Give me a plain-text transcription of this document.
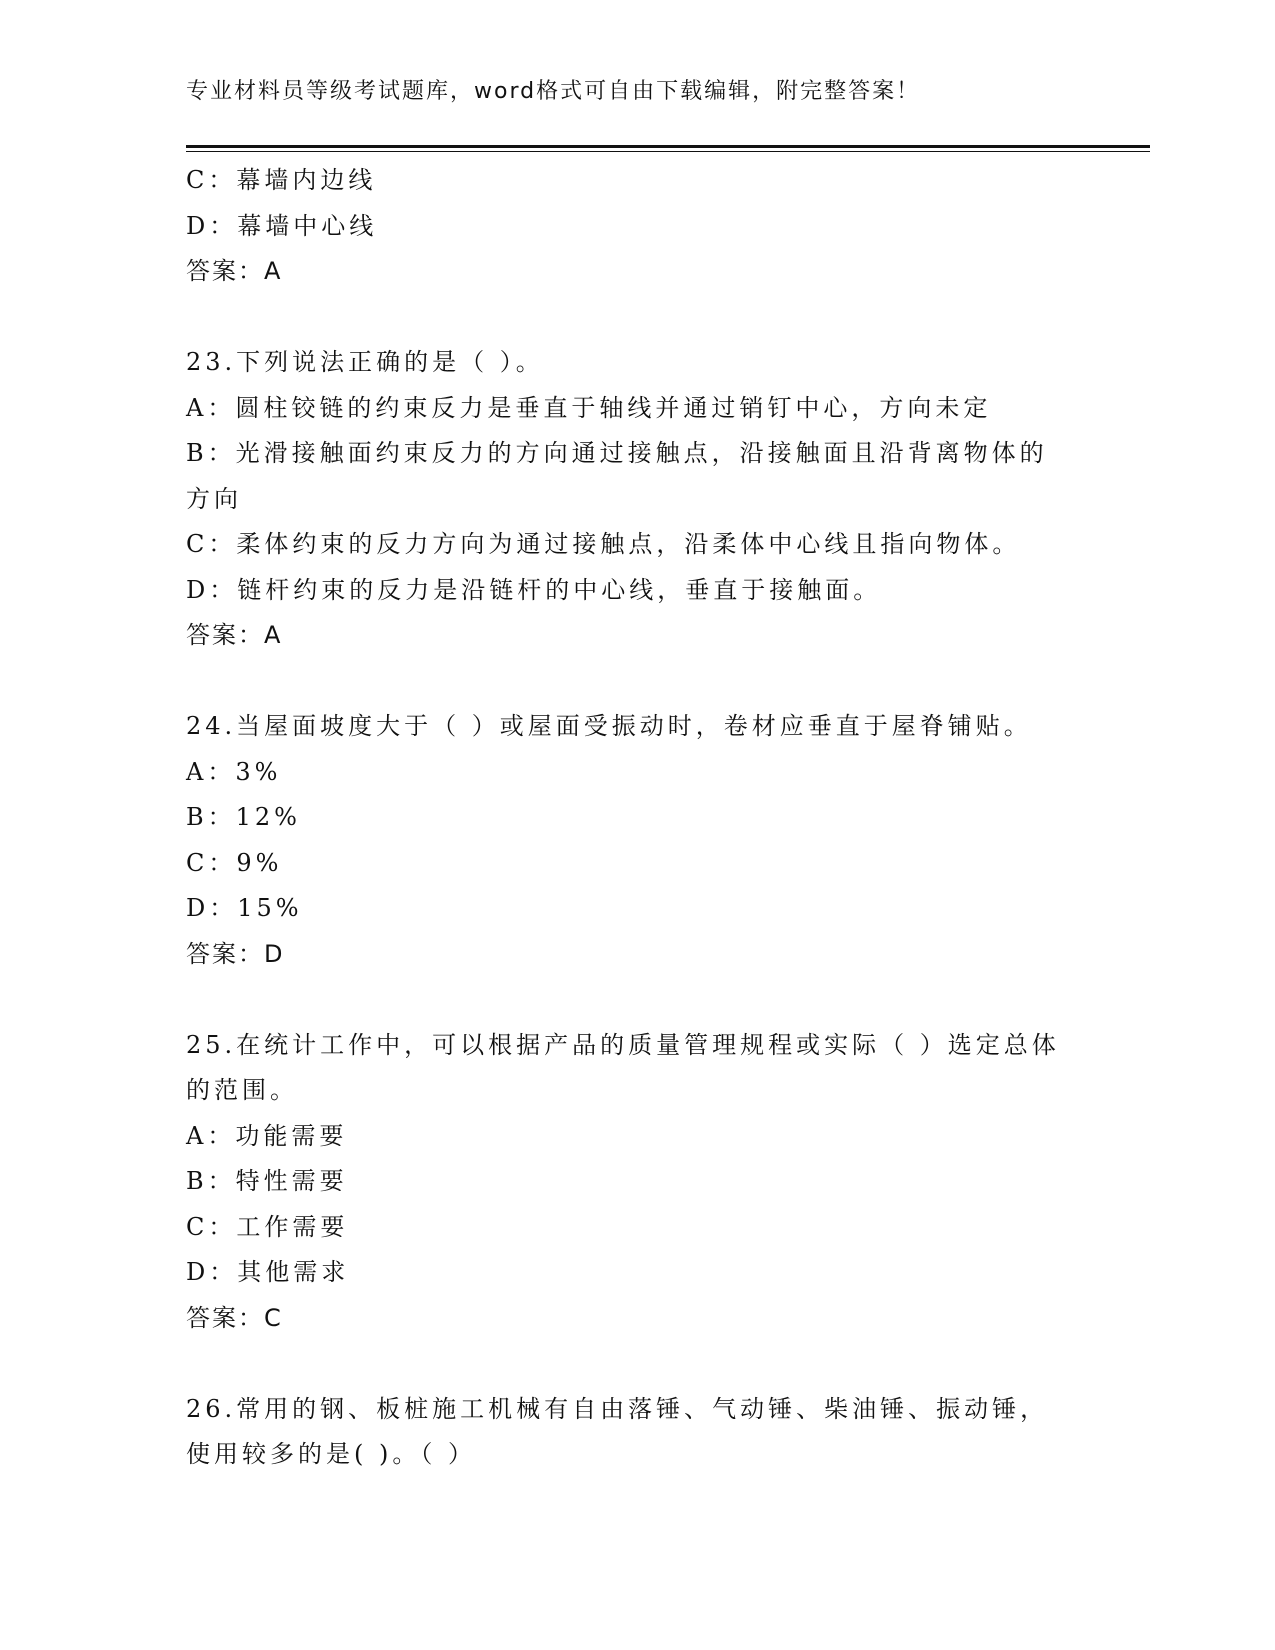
专业材料员等级考试题库，word格式可自由下载编辑，附完整答案！
C：幕墙内边线
D：幕墙中心线
答案：A
23.下列说法正确的是（ ）。
A：圆柱铰链的约束反力是垂直于轴线并通过销钉中心，方向未定
B：光滑接触面约束反力的方向通过接触点，沿接触面且沿背离物体的方向
C：柔体约束的反力方向为通过接触点，沿柔体中心线且指向物体。
D：链杆约束的反力是沿链杆的中心线，垂直于接触面。
答案：A
24.当屋面坡度大于（ ）或屋面受振动时，卷材应垂直于屋脊铺贴。
A：3%
B：12%
C：9%
D：15%
答案：D
25.在统计工作中，可以根据产品的质量管理规程或实际（ ）选定总体的范围。
A：功能需要
B：特性需要
C：工作需要
D：其他需求
答案：C
26.常用的钢、板桩施工机械有自由落锤、气动锤、柴油锤、振动锤，使用较多的是( )。（ ）
